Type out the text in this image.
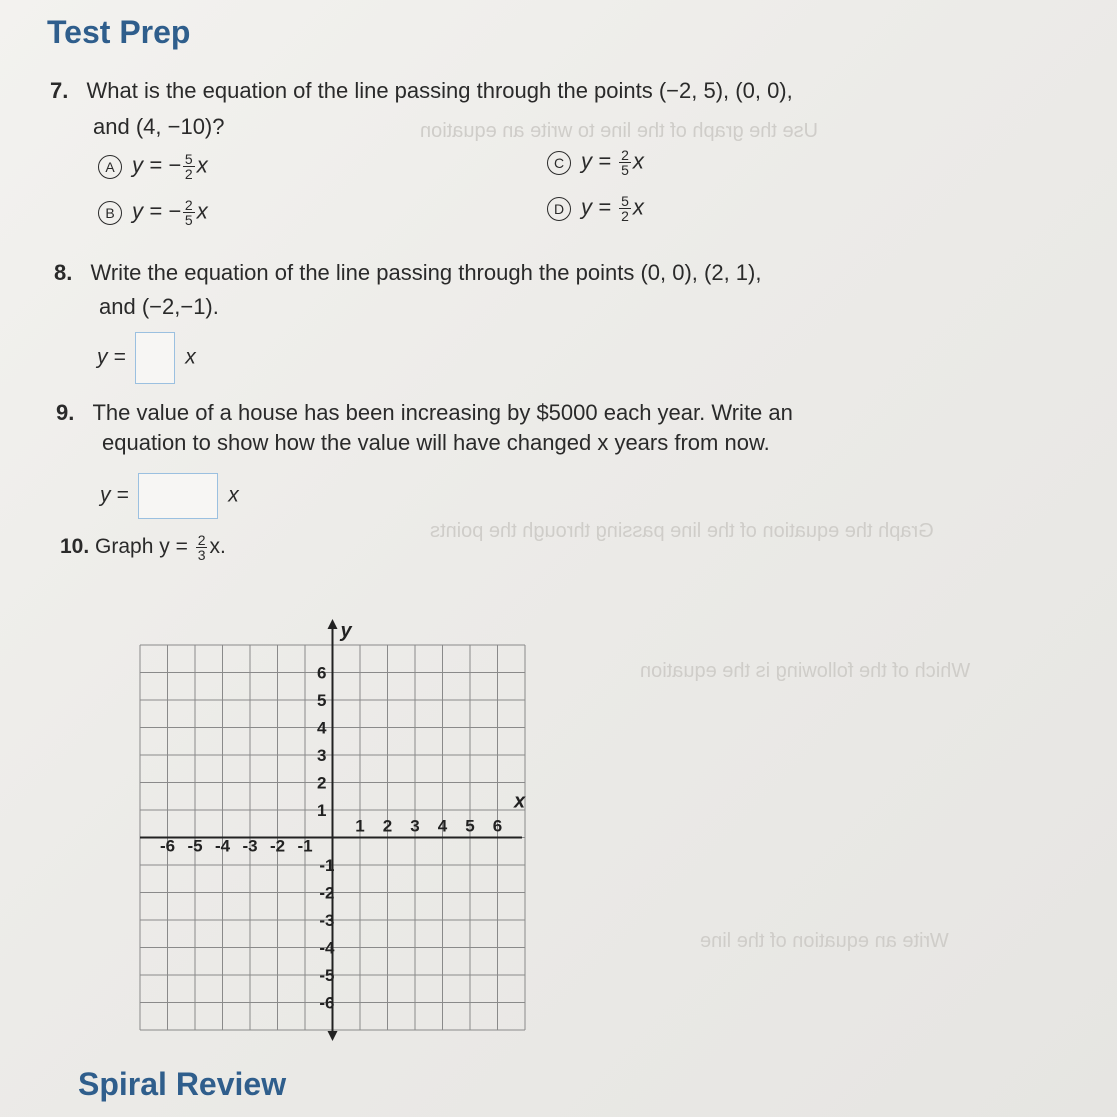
Use the graph of the line to write an equation
Graph the equation of the line passing through the points
Which of the following is the equation
Write an equation of the line
Test Prep
7. What is the equation of the line passing through the points (−2, 5), (0, 0),
and (4, −10)?
A y = − $\frac{5}{2}$ x
B y = − $\frac{2}{5}$ x
C $y = \frac{2}{5}$ x
D $y = \frac{5}{2}$ x
8. Write the equation of the line passing through the points (0, 0), (2, 1),
and (−2,−1).
y =	x
9. The value of a house has been increasing by $5000 each year. Write an
equation to show how the value will have changed x years from now.
y =	x
10. Graph $y = \frac{2}{3} x$.
x
y
-6 -5 -4 -3 -2 -1
1 2 3 4 5 6
6
5
4
3
2
1
-1
-2
-3
-4
-5
-6
Spiral Review
